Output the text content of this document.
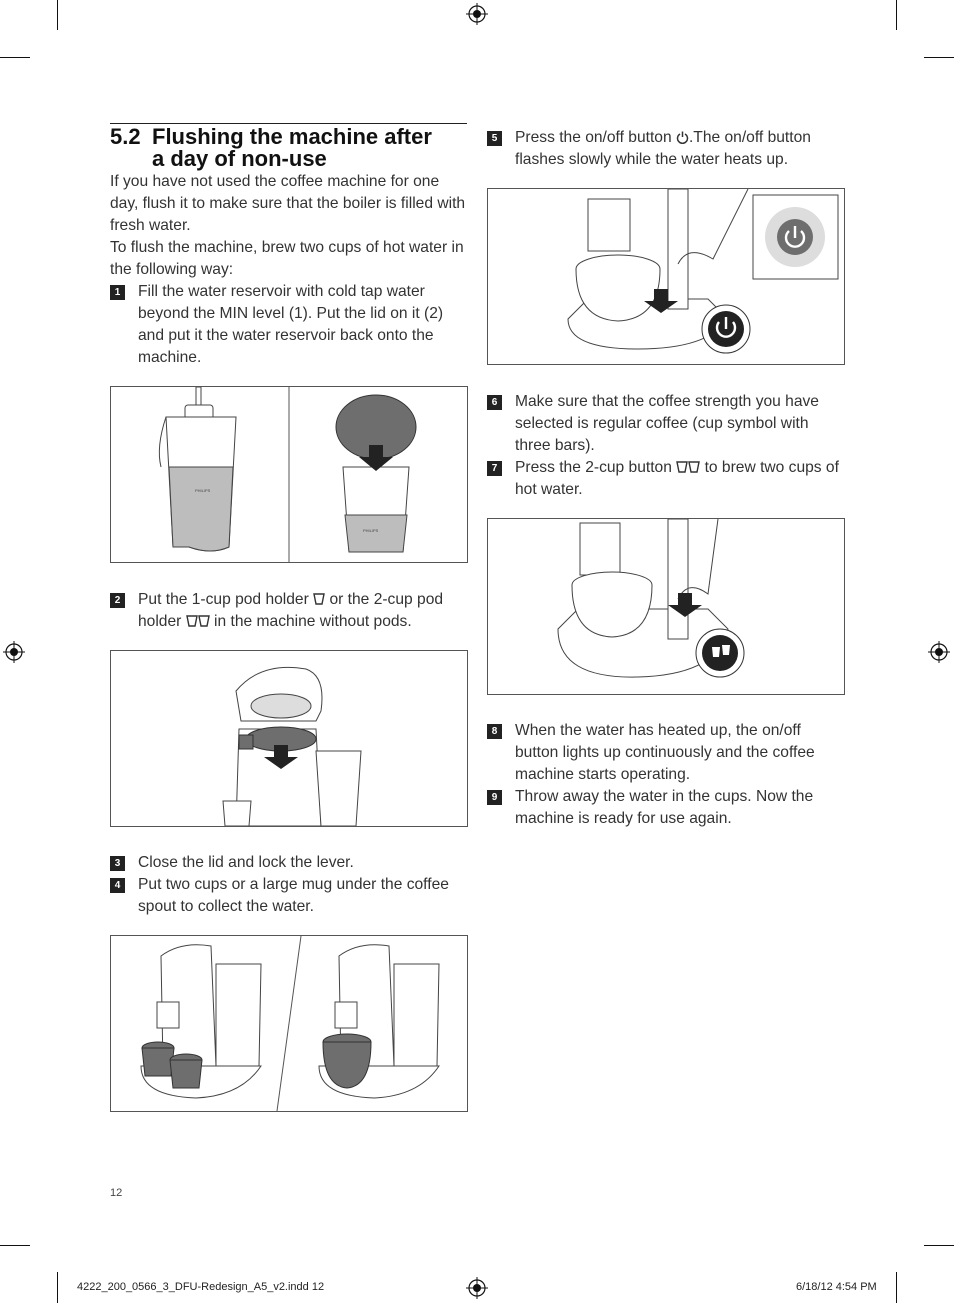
5.2 Flushing the machine after
a day of non-use

If you have not used the coffee machine for one day, flush it to make sure that the boiler is filled with fresh water.

To flush the machine, brew two cups of hot water in the following way:

1	Fill the water reservoir with cold tap water beyond the MIN level (1). Put the lid on it (2) and put it the water reservoir back onto the machine.

PHILIPS
PHILIPS
2	Put the 1-cup pod holder or the 2-cup pod holder in the machine without pods.

3	Close the lid and lock the lever.

4	Put two cups or a large mug under the coffee spout to collect the water.

5	Press the on/off button .The on/off button flashes slowly while the water heats up.

6	Make sure that the coffee strength you have selected is regular coffee (cup symbol with three bars).

7	Press the 2-cup button to brew two cups of hot water.

8	When the water has heated up, the on/off button lights up continuously and the coffee machine starts operating.

9	Throw away the water in the cups. Now the machine is ready for use again.

12
4222_200_0566_3_DFU-Redesign_A5_v2.indd 12	6/18/12 4:54 PM
